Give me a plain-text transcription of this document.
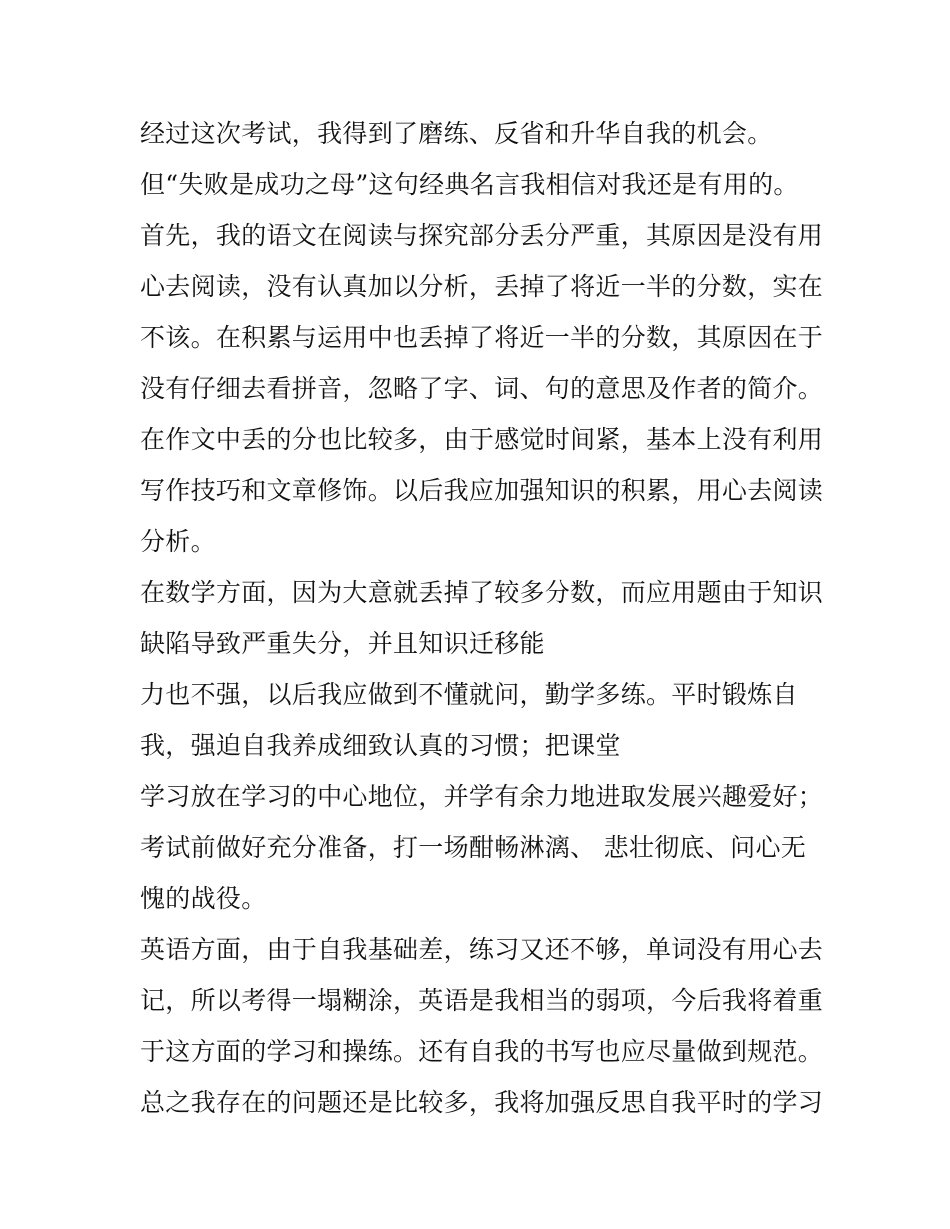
经过这次考试，我得到了磨练、反省和升华自我的机会。
但“失败是成功之母”这句经典名言我相信对我还是有用的。
首先，我的语文在阅读与探究部分丢分严重，其原因是没有用
心去阅读，没有认真加以分析，丢掉了将近一半的分数，实在
不该。在积累与运用中也丢掉了将近一半的分数，其原因在于
没有仔细去看拼音，忽略了字、词、句的意思及作者的简介。
在作文中丢的分也比较多，由于感觉时间紧，基本上没有利用
写作技巧和文章修饰。以后我应加强知识的积累，用心去阅读
分析。
在数学方面，因为大意就丢掉了较多分数，而应用题由于知识
缺陷导致严重失分，并且知识迁移能
力也不强，以后我应做到不懂就问，勤学多练。平时锻炼自
我，强迫自我养成细致认真的习惯；把课堂
学习放在学习的中心地位，并学有余力地进取发展兴趣爱好；
考试前做好充分准备，打一场酣畅淋漓、 悲壮彻底、问心无
愧的战役。
英语方面，由于自我基础差，练习又还不够，单词没有用心去
记，所以考得一塌糊涂，英语是我相当的弱项，今后我将着重
于这方面的学习和操练。还有自我的书写也应尽量做到规范。
总之我存在的问题还是比较多，我将加强反思自我平时的学习
